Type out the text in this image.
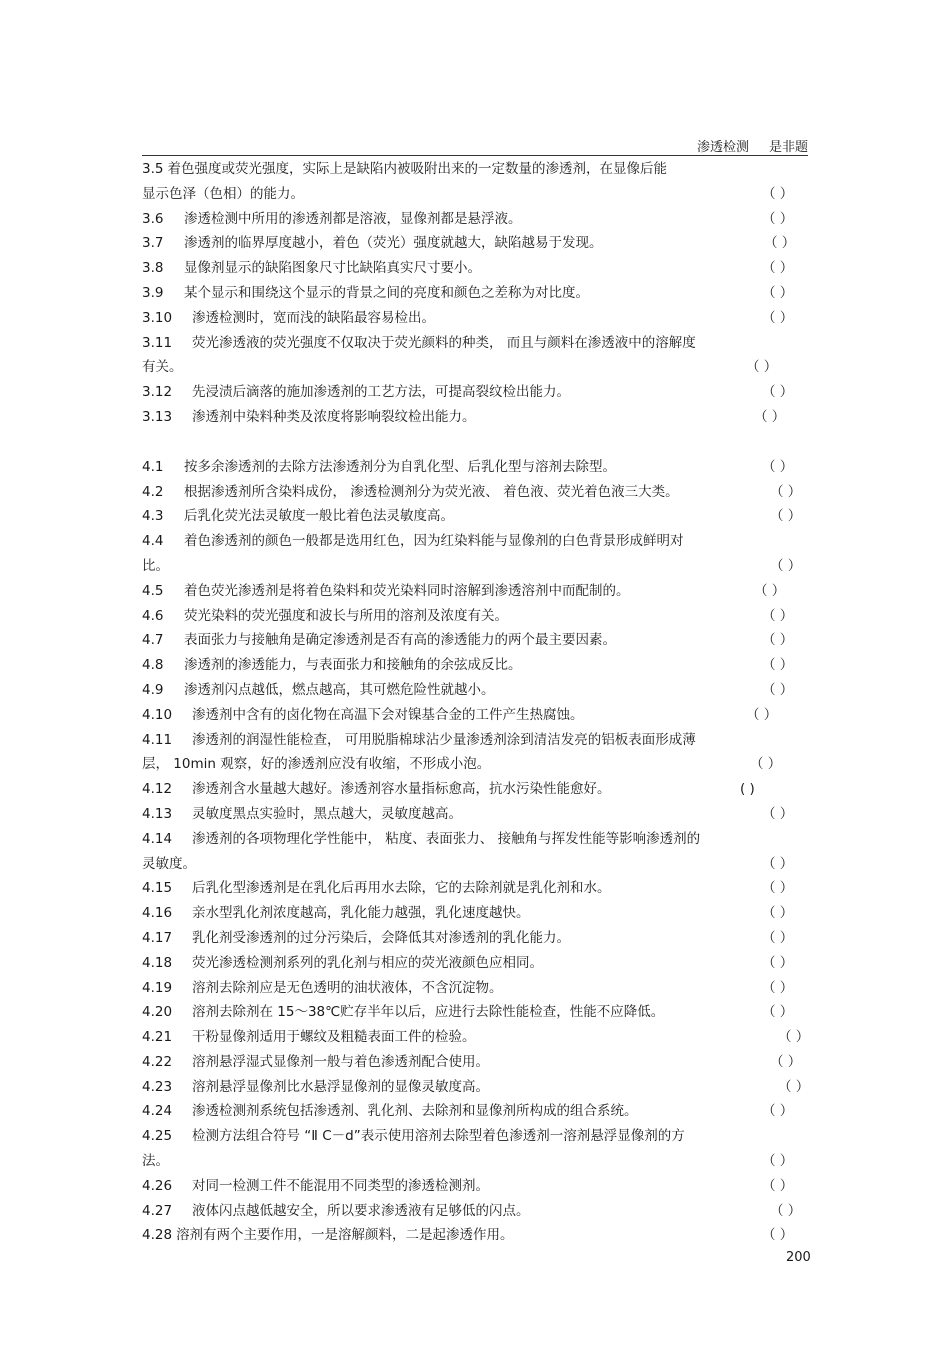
渗透检测 是非题
3.5 着色强度或荧光强度，实际上是缺陷内被吸附出来的一定数量的渗透剂，在显像后能
显示色泽（色相）的能力。	（ ）
3.6 渗透检测中所用的渗透剂都是溶液，显像剂都是悬浮液。	（ ）
3.7 渗透剂的临界厚度越小，着色（荧光）强度就越大，缺陷越易于发现。	（ ）
3.8 显像剂显示的缺陷图象尺寸比缺陷真实尺寸要小。	（ ）
3.9 某个显示和围绕这个显示的背景之间的亮度和颜色之差称为对比度。	（ ）
3.10 渗透检测时，宽而浅的缺陷最容易检出。	（ ）
3.11 荧光渗透液的荧光强度不仅取决于荧光颜料的种类， 而且与颜料在渗透液中的溶解度
有关。	（ ）
3.12 先浸渍后滴落的施加渗透剂的工艺方法，可提高裂纹检出能力。	（ ）
3.13 渗透剂中染料种类及浓度将影响裂纹检出能力。	（ ）
4.1 按多余渗透剂的去除方法渗透剂分为自乳化型、后乳化型与溶剂去除型。	（ ）
4.2 根据渗透剂所含染料成份， 渗透检测剂分为荧光液、 着色液、荧光着色液三大类。	（ ）
4.3 后乳化荧光法灵敏度一般比着色法灵敏度高。	（ ）
4.4 着色渗透剂的颜色一般都是选用红色，因为红染料能与显像剂的白色背景形成鲜明对
比。	（ ）
4.5 着色荧光渗透剂是将着色染料和荧光染料同时溶解到渗透溶剂中而配制的。	（ ）
4.6 荧光染料的荧光强度和波长与所用的溶剂及浓度有关。	（ ）
4.7 表面张力与接触角是确定渗透剂是否有高的渗透能力的两个最主要因素。	（ ）
4.8 渗透剂的渗透能力，与表面张力和接触角的余弦成反比。	（ ）
4.9 渗透剂闪点越低，燃点越高，其可燃危险性就越小。	（ ）
4.10 渗透剂中含有的卤化物在高温下会对镍基合金的工件产生热腐蚀。	（ ）
4.11 渗透剂的润湿性能检查， 可用脱脂棉球沾少量渗透剂涂到清洁发亮的铝板表面形成薄
层， 10min 观察，好的渗透剂应没有收缩，不形成小泡。	（ ）
4.12 渗透剂含水量越大越好。渗透剂容水量指标愈高，抗水污染性能愈好。	( )
4.13 灵敏度黑点实验时，黑点越大，灵敏度越高。	（ ）
4.14 渗透剂的各项物理化学性能中， 粘度、表面张力、 接触角与挥发性能等影响渗透剂的
灵敏度。	（ ）
4.15 后乳化型渗透剂是在乳化后再用水去除，它的去除剂就是乳化剂和水。	（ ）
4.16 亲水型乳化剂浓度越高，乳化能力越强，乳化速度越快。	（ ）
4.17 乳化剂受渗透剂的过分污染后，会降低其对渗透剂的乳化能力。	（ ）
4.18 荧光渗透检测剂系列的乳化剂与相应的荧光液颜色应相同。	（ ）
4.19 溶剂去除剂应是无色透明的油状液体，不含沉淀物。	（ ）
4.20 溶剂去除剂在 15～38℃贮存半年以后，应进行去除性能检查，性能不应降低。	（ ）
4.21 干粉显像剂适用于螺纹及粗糙表面工件的检验。	（ ）
4.22 溶剂悬浮湿式显像剂一般与着色渗透剂配合使用。	（ ）
4.23 溶剂悬浮显像剂比水悬浮显像剂的显像灵敏度高。	（ ）
4.24 渗透检测剂系统包括渗透剂、乳化剂、去除剂和显像剂所构成的组合系统。	（ ）
4.25 检测方法组合符号 “Ⅱ C－d”表示使用溶剂去除型着色渗透剂一溶剂悬浮显像剂的方
法。	（ ）
4.26 对同一检测工件不能混用不同类型的渗透检测剂。	（ ）
4.27 液体闪点越低越安全，所以要求渗透液有足够低的闪点。	（ ）
4.28 溶剂有两个主要作用，一是溶解颜料，二是起渗透作用。	（ ）
200
